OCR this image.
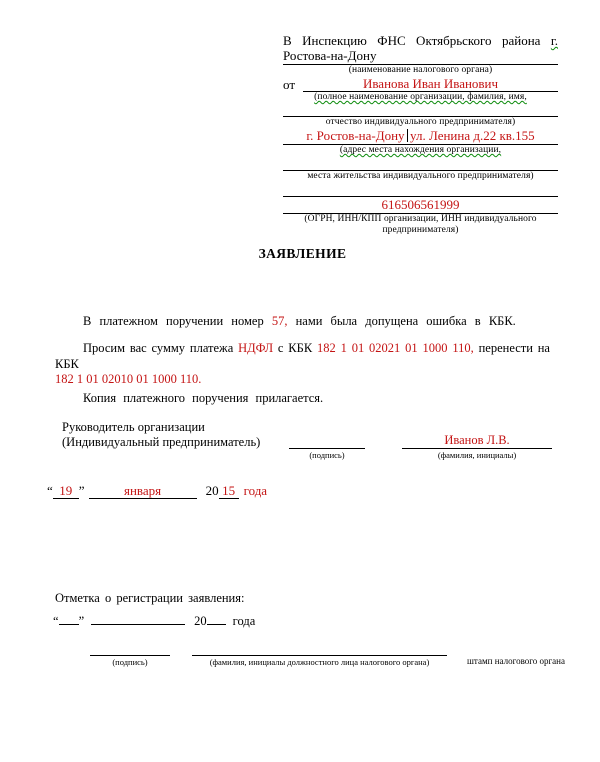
В Инспекцию ФНС Октябрьского района г. Ростова-на-Дону

(наименование налогового органа)

от	Иванова Иван Иванович

(полное наименование организации, фамилия, имя,

отчество индивидуального предпринимателя)

г. Ростов-на-Дону ул. Ленина д.22 кв.155

(адрес места нахождения организации,

места жительства индивидуального предпринимателя)

616506561999

(ОГРН, ИНН/КПП организации, ИНН индивидуального

предпринимателя)

ЗАЯВЛЕНИЕ

В платежном поручении номер 57, нами была допущена ошибка в КБК.

Просим вас сумму платежа НДФЛ с КБК 182 1 01 02021 01 1000 110, перенести на КБК
182 1 01 02010 01 1000 110.

Копия платежного поручения прилагается.

Руководитель организации
(Индивидуальный предприниматель)

(подпись)
Иванов Л.В.
(фамилия, инициалы)
“ 19 ”	января	20 15 года

Отметка о регистрации заявления:

“ ”	20 года
(подпись)	(фамилия, инициалы должностного лица налогового органа)	штамп налогового органа
